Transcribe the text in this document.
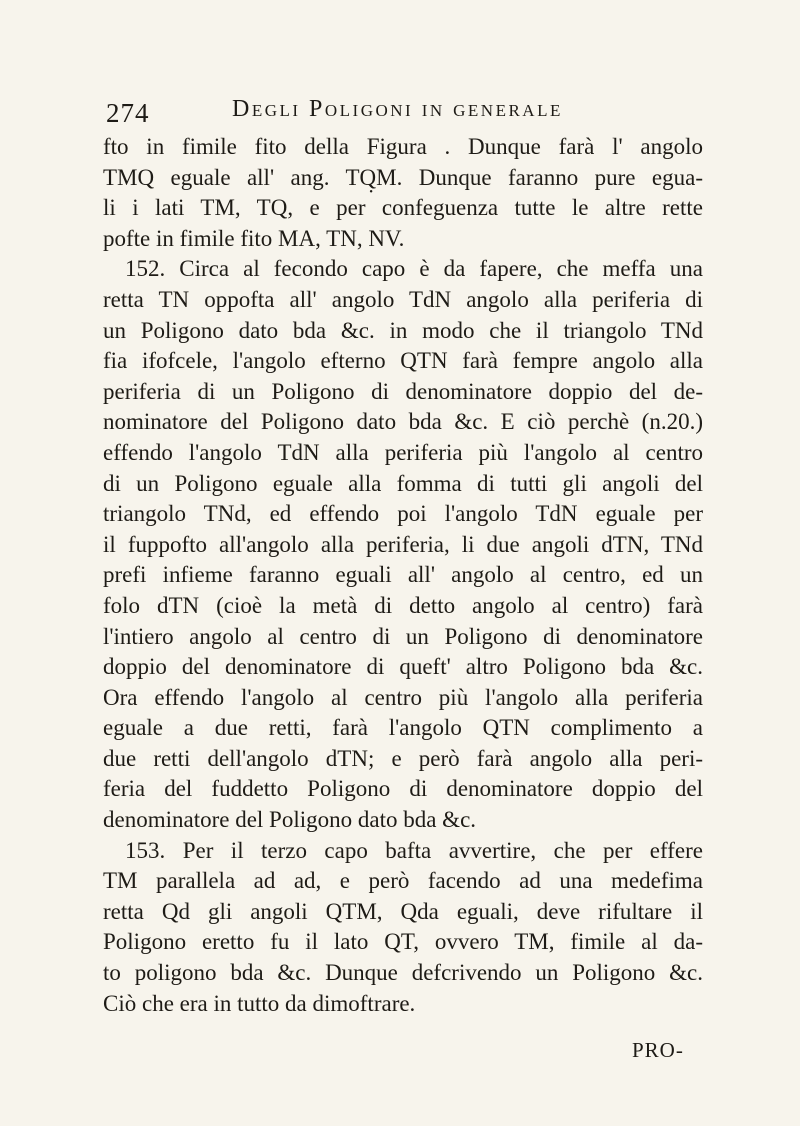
274	Degli Poligoni in generale
fto in fimile fito della Figura . Dunque farà l' angolo
TMQ eguale all' ang. TQ̣M. Dunque faranno pure egua-
li i lati TM, TQ, e per confeguenza tutte le altre rette
pofte in fimile fito MA, TN, NV.
152. Circa al fecondo capo è da fapere, che meffa una
retta TN oppofta all' angolo TdN angolo alla periferia di
un Poligono dato bda &c. in modo che il triangolo TNd
fia ifofcele, l'angolo efterno QTN farà fempre angolo alla
periferia di un Poligono di denominatore doppio del de-
nominatore del Poligono dato bda &c. E ciò perchè (n.20.)
effendo l'angolo TdN alla periferia più l'angolo al centro
di un Poligono eguale alla fomma di tutti gli angoli del
triangolo TNd, ed effendo poi l'angolo TdN eguale per
il fuppofto all'angolo alla periferia, li due angoli dTN, TNd
prefi infieme faranno eguali all' angolo al centro, ed un
folo dTN (cioè la metà di detto angolo al centro) farà
l'intiero angolo al centro di un Poligono di denominatore
doppio del denominatore di queft' altro Poligono bda &c.
Ora effendo l'angolo al centro più l'angolo alla periferia
eguale a due retti, farà l'angolo QTN complimento a
due retti dell'angolo dTN; e però farà angolo alla peri-
feria del fuddetto Poligono di denominatore doppio del
denominatore del Poligono dato bda &c.
153. Per il terzo capo bafta avvertire, che per effere
TM parallela ad ad, e però facendo ad una medefima
retta Qd gli angoli QTM, Qda eguali, deve rifultare il
Poligono eretto fu il lato QT, ovvero TM, fimile al da-
to poligono bda &c. Dunque defcrivendo un Poligono &c.
Ciò che era in tutto da dimoftrare.
PRO-
